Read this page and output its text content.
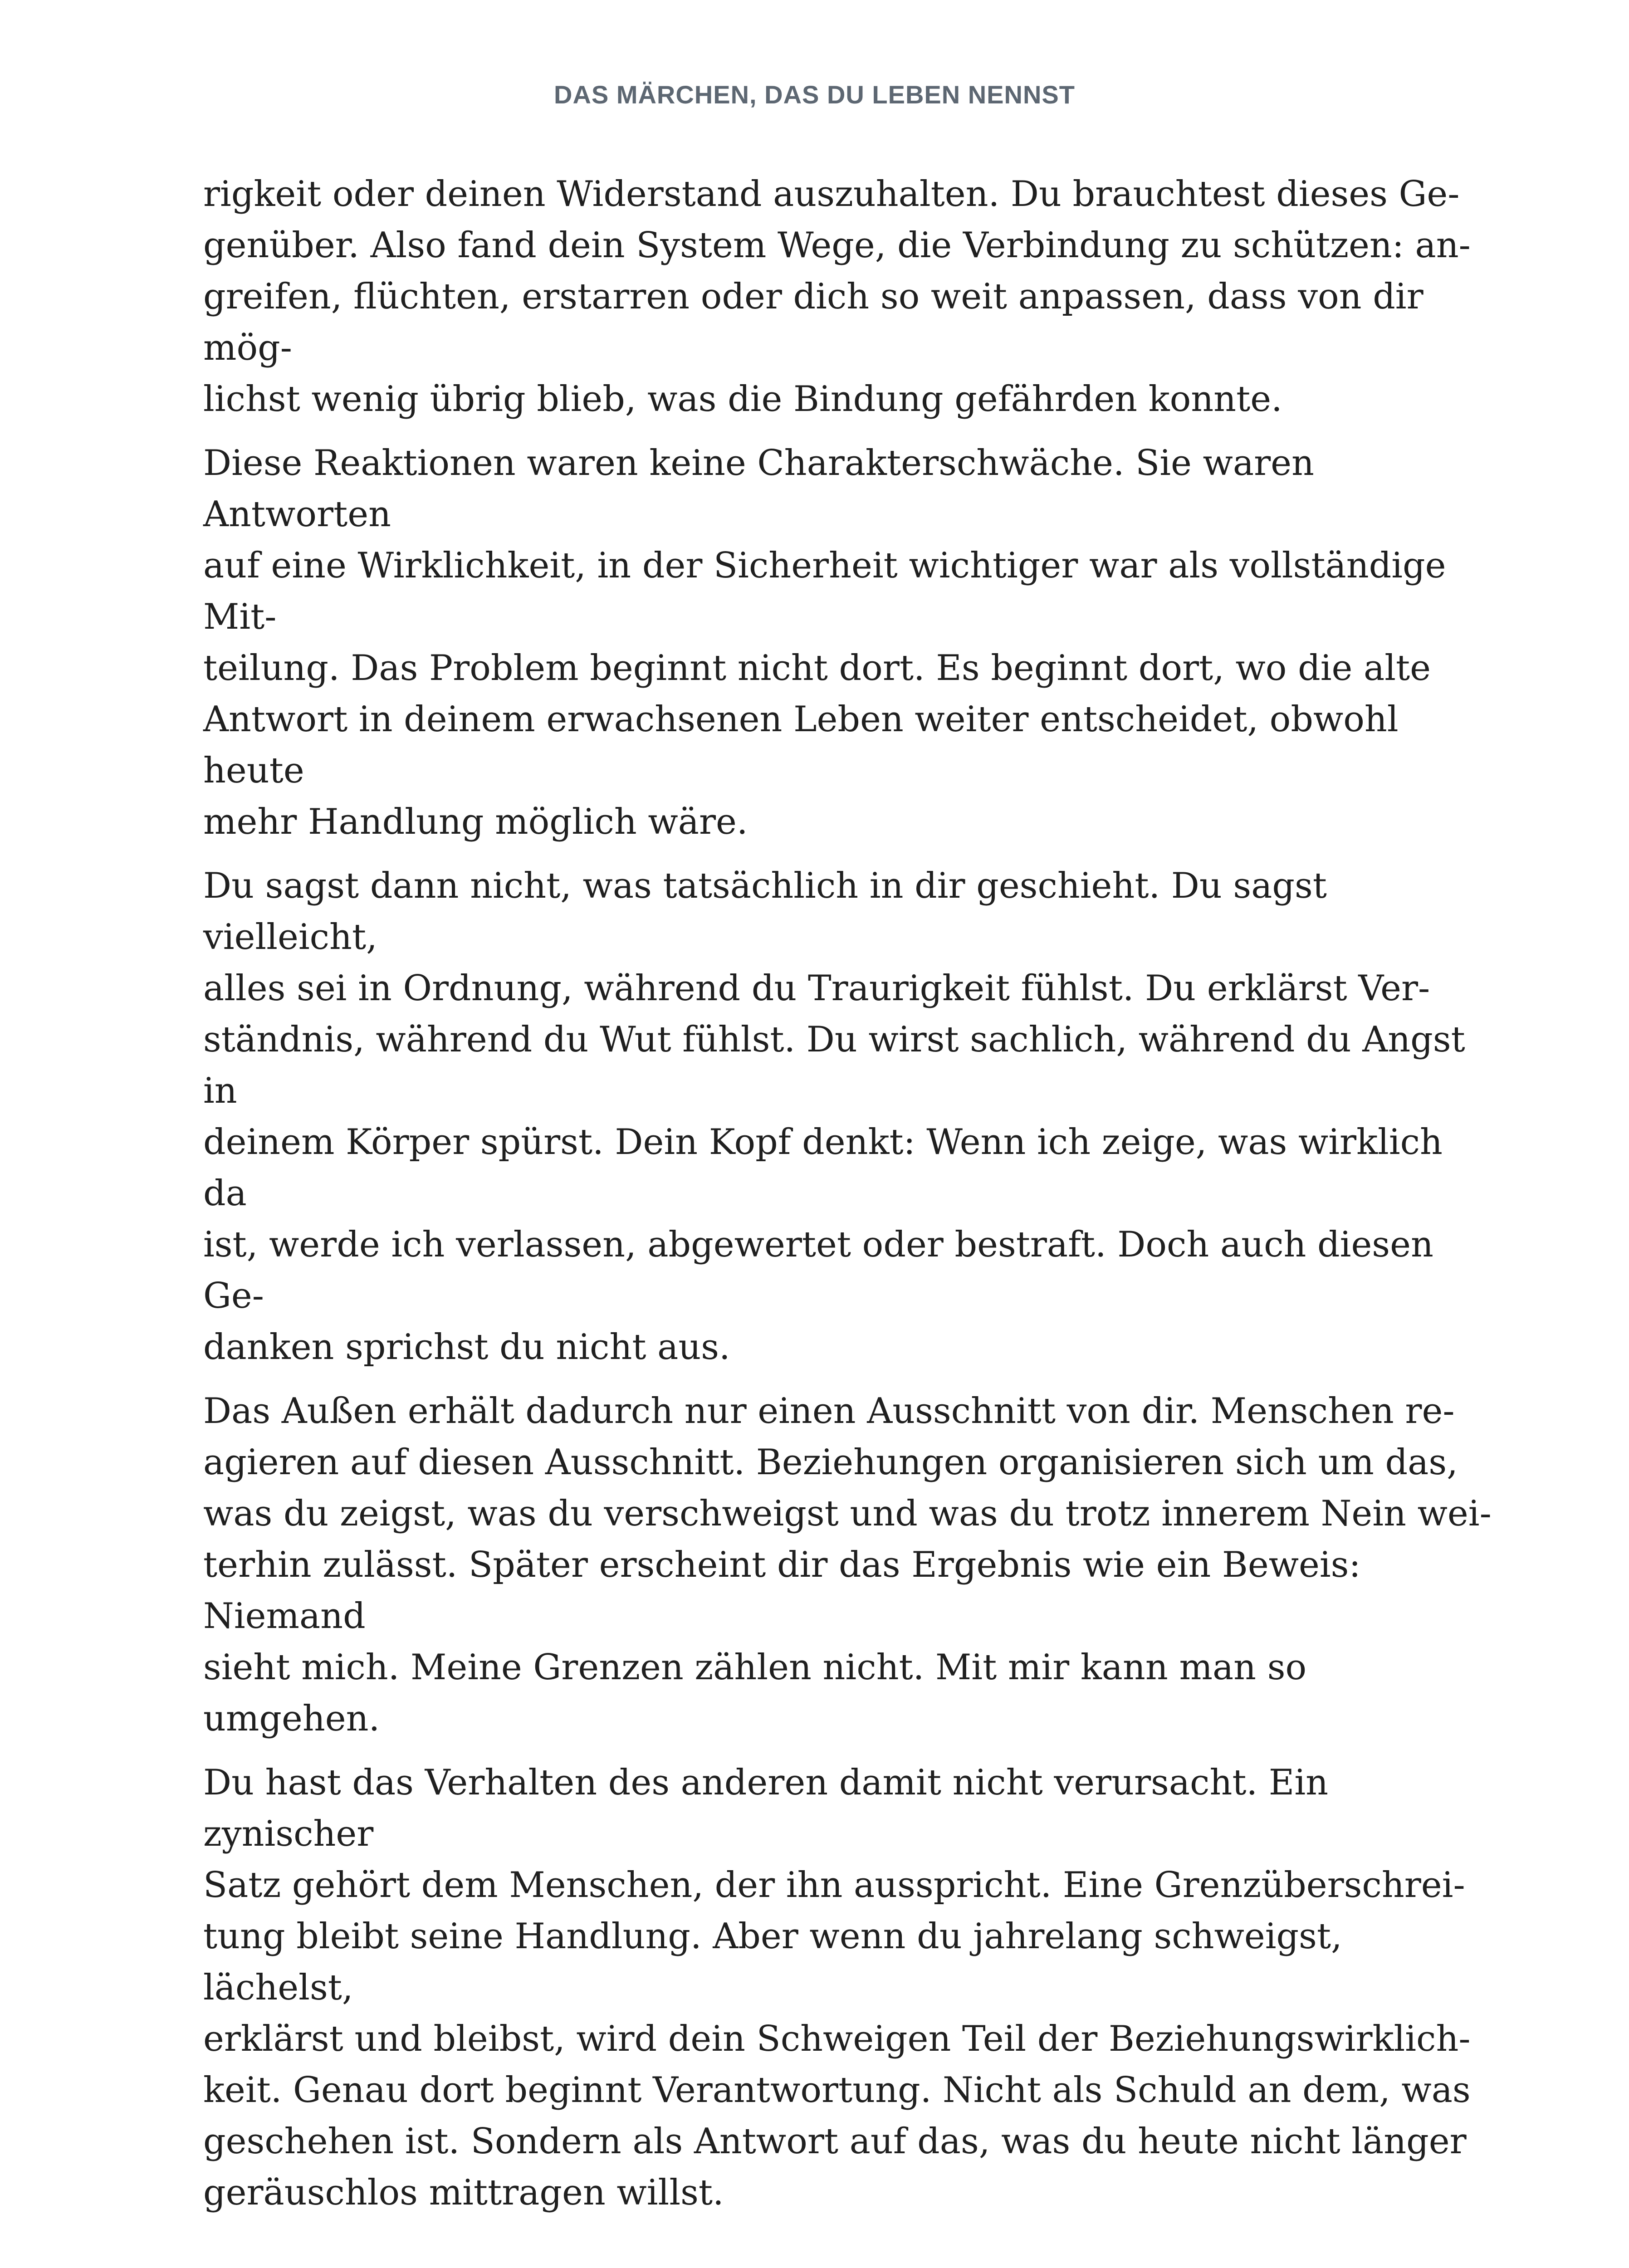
DAS MÄRCHEN, DAS DU LEBEN NENNST

rigkeit oder deinen Widerstand auszuhalten. Du brauchtest dieses Ge-
genüber. Also fand dein System Wege, die Verbindung zu schützen: an-
greifen, flüchten, erstarren oder dich so weit anpassen, dass von dir mög-
lichst wenig übrig blieb, was die Bindung gefährden konnte.

Diese Reaktionen waren keine Charakterschwäche. Sie waren Antworten
auf eine Wirklichkeit, in der Sicherheit wichtiger war als vollständige Mit-
teilung. Das Problem beginnt nicht dort. Es beginnt dort, wo die alte
Antwort in deinem erwachsenen Leben weiter entscheidet, obwohl heute
mehr Handlung möglich wäre.

Du sagst dann nicht, was tatsächlich in dir geschieht. Du sagst vielleicht,
alles sei in Ordnung, während du Traurigkeit fühlst. Du erklärst Ver-
ständnis, während du Wut fühlst. Du wirst sachlich, während du Angst in
deinem Körper spürst. Dein Kopf denkt: Wenn ich zeige, was wirklich da
ist, werde ich verlassen, abgewertet oder bestraft. Doch auch diesen Ge-
danken sprichst du nicht aus.

Das Außen erhält dadurch nur einen Ausschnitt von dir. Menschen re-
agieren auf diesen Ausschnitt. Beziehungen organisieren sich um das,
was du zeigst, was du verschweigst und was du trotz innerem Nein wei-
terhin zulässt. Später erscheint dir das Ergebnis wie ein Beweis: Niemand
sieht mich. Meine Grenzen zählen nicht. Mit mir kann man so umgehen.

Du hast das Verhalten des anderen damit nicht verursacht. Ein zynischer
Satz gehört dem Menschen, der ihn ausspricht. Eine Grenzüberschrei-
tung bleibt seine Handlung. Aber wenn du jahrelang schweigst, lächelst,
erklärst und bleibst, wird dein Schweigen Teil der Beziehungswirklich-
keit. Genau dort beginnt Verantwortung. Nicht als Schuld an dem, was
geschehen ist. Sondern als Antwort auf das, was du heute nicht länger
geräuschlos mittragen willst.
